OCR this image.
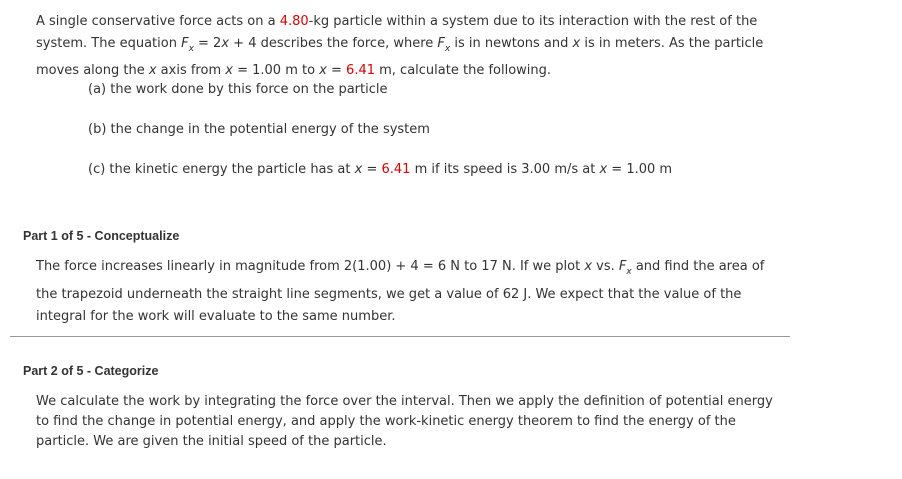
A single conservative force acts on a 4.80-kg particle within a system due to its interaction with the rest of the system. The equation $F_x = 2x + 4$ describes the force, where $F_x$ is in newtons and x is in meters. As the particle moves along the x axis from x = 1.00 m to x = 6.41 m, calculate the following.

(a) the work done by this force on the particle
(b) the change in the potential energy of the system
(c) the kinetic energy the particle has at x = 6.41 m if its speed is 3.00 m/s at x = 1.00 m
Part 1 of 5 - Conceptualize

The force increases linearly in magnitude from 2(1.00) + 4 = 6 N to 17 N. If we plot x vs. $F_x$ and find the area of the trapezoid underneath the straight line segments, we get a value of 62 J. We expect that the value of the integral for the work will evaluate to the same number.

Part 2 of 5 - Categorize
We calculate the work by integrating the force over the interval. Then we apply the definition of potential energy to find the change in potential energy, and apply the work-kinetic energy theorem to find the energy of the particle. We are given the initial speed of the particle.
